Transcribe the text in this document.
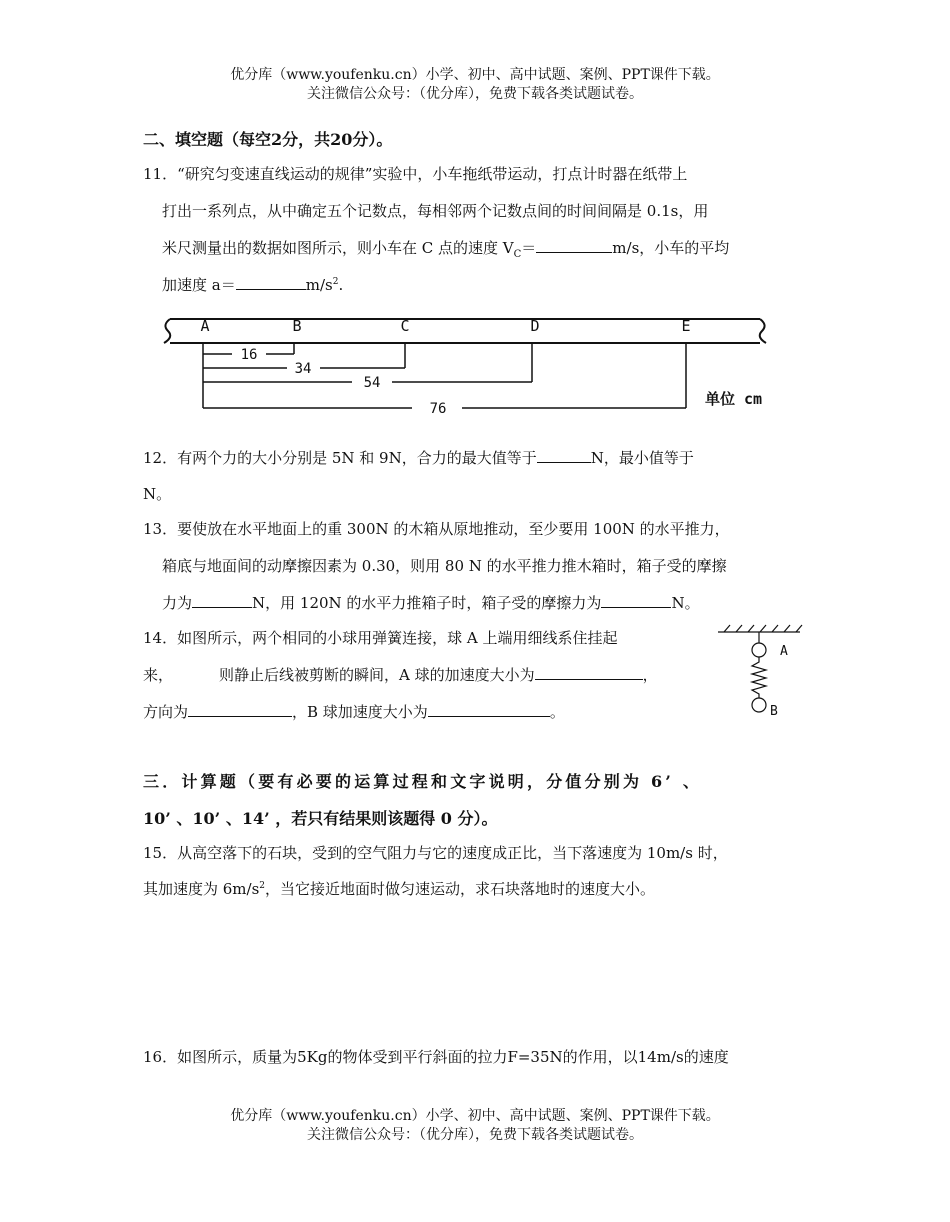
优分库（www.youfenku.cn）小学、初中、高中试题、案例、PPT课件下载。
关注微信公众号：（优分库），免费下载各类试题试卷。
二、填空题（每空2分，共20分）。
11．“研究匀变速直线运动的规律”实验中，小车拖纸带运动，打点计时器在纸带上
打出一系列点，从中确定五个记数点，每相邻两个记数点间的时间间隔是 0.1s，用
米尺测量出的数据如图所示，则小车在 C 点的速度 $V_C=$	m/s，小车的平均
加速度 a＝	$m/s^2$.
A	B	C	D	E
16
34
54
76
单位 cm
12．有两个力的大小分别是 5N 和 9N，合力的最大值等于	N，最小值等于
N。
13．要使放在水平地面上的重 300N 的木箱从原地推动，至少要用 100N 的水平推力，
箱底与地面间的动摩擦因素为 0.30，则用 80 N 的水平推力推木箱时，箱子受的摩擦
力为	N，用 120N 的水平力推箱子时，箱子受的摩擦力为	N。
14．如图所示，两个相同的小球用弹簧连接，球 A 上端用细线系住挂起
来，	则静止后线被剪断的瞬间，A 球的加速度大小为	，
方向为	，B 球加速度大小为	。
A
B
三．计算题（要有必要的运算过程和文字说明，分值分别为 6’ 、
10’ 、10’ 、14’ ，若只有结果则该题得 0 分）。
15．从高空落下的石块，受到的空气阻力与它的速度成正比，当下落速度为 10m/s 时，
其加速度为 $6m/s^2$，当它接近地面时做匀速运动，求石块落地时的速度大小。
16．如图所示，质量为5Kg的物体受到平行斜面的拉力F=35N的作用，以14m/s的速度
优分库（www.youfenku.cn）小学、初中、高中试题、案例、PPT课件下载。
关注微信公众号：（优分库），免费下载各类试题试卷。
